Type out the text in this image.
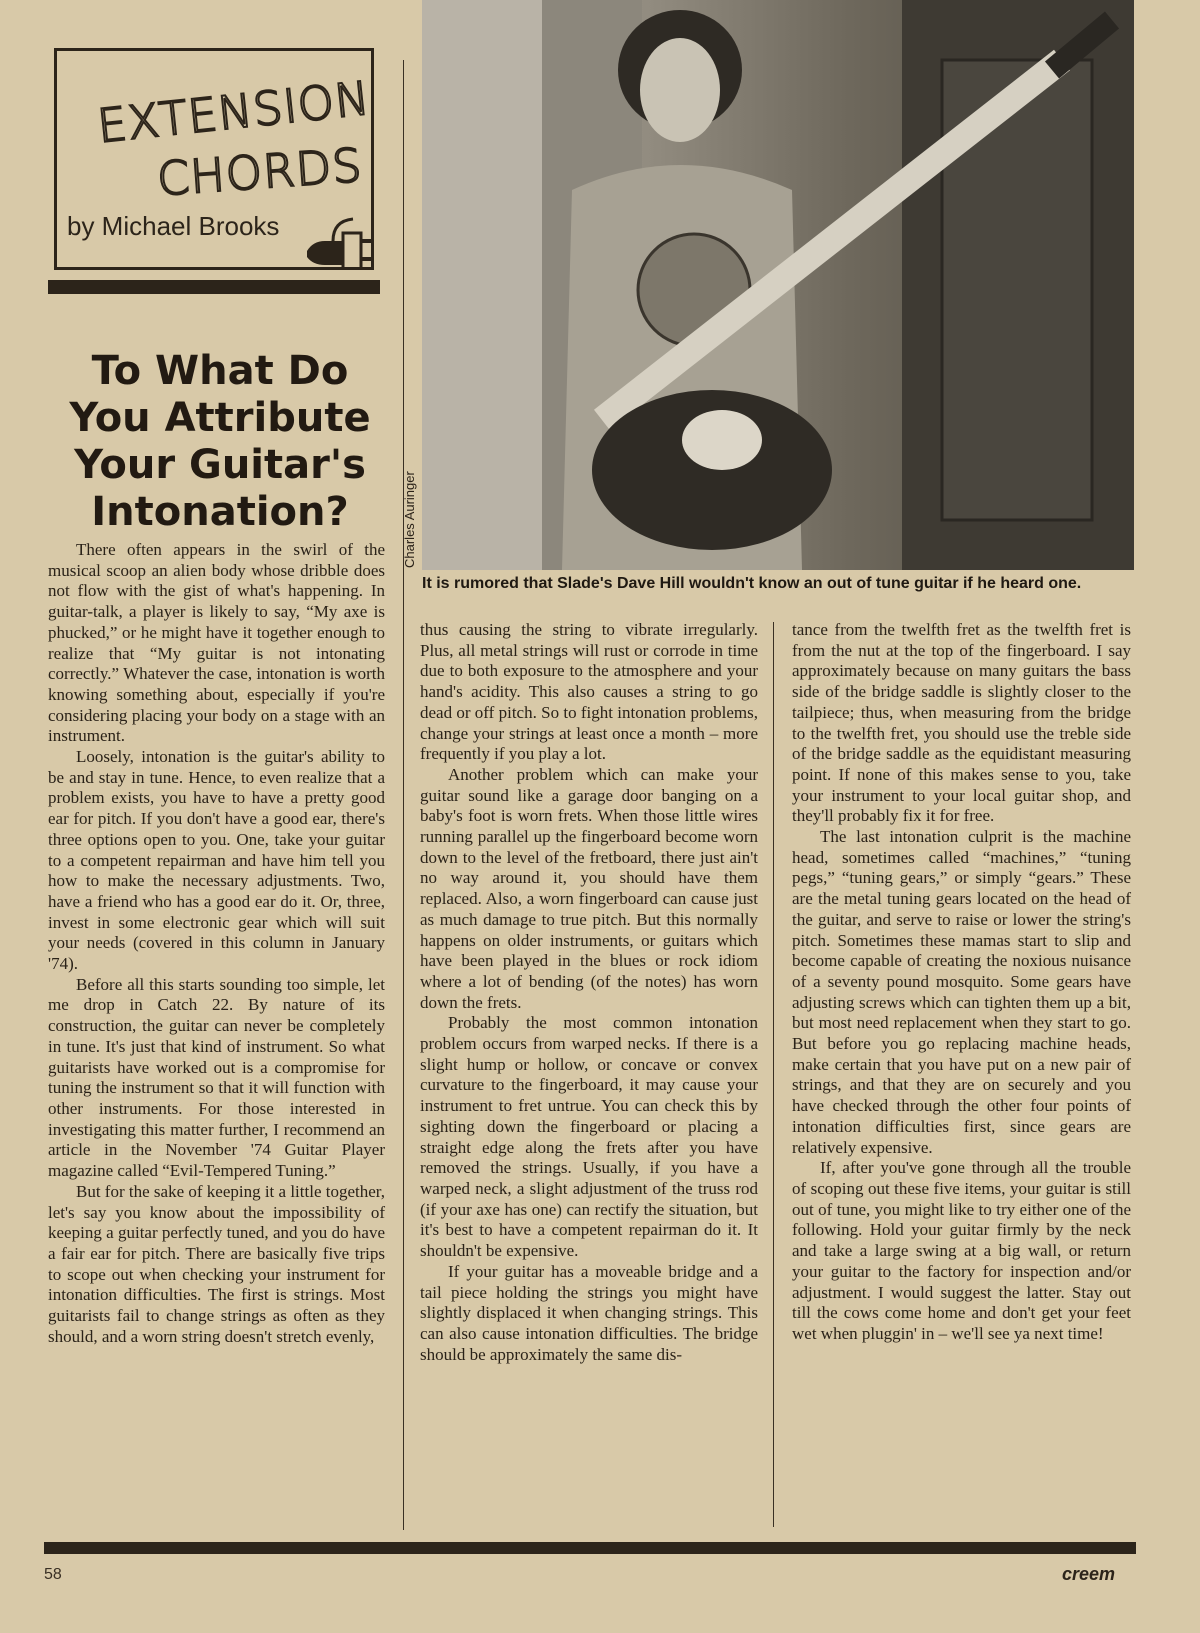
EXTENSION
CHORDS
by Michael Brooks
To What Do You Attribute Your Guitar's Intonation?	Charles Auringer
It is rumored that Slade's Dave Hill wouldn't know an out of tune guitar if he heard one.

There often appears in the swirl of the musical scoop an alien body whose dribble does not flow with the gist of what's happening. In guitar-talk, a player is likely to say, “My axe is phucked,” or he might have it together enough to realize that “My guitar is not intonating correctly.” Whatever the case, intonation is worth knowing something about, especially if you're considering placing your body on a stage with an instrument.

Loosely, intonation is the guitar's ability to be and stay in tune. Hence, to even realize that a problem exists, you have to have a pretty good ear for pitch. If you don't have a good ear, there's three options open to you. One, take your guitar to a competent repairman and have him tell you how to make the necessary adjustments. Two, have a friend who has a good ear do it. Or, three, invest in some electronic gear which will suit your needs (covered in this column in January '74).

Before all this starts sounding too simple, let me drop in Catch 22. By nature of its construction, the guitar can never be completely in tune. It's just that kind of instrument. So what guitarists have worked out is a compromise for tuning the instrument so that it will function with other instruments. For those interested in investigating this matter further, I recommend an article in the November '74 Guitar Player magazine called “Evil-Tempered Tuning.”

But for the sake of keeping it a little together, let's say you know about the impossibility of keeping a guitar perfectly tuned, and you do have a fair ear for pitch. There are basically five trips to scope out when checking your instrument for intonation difficulties. The first is strings. Most guitarists fail to change strings as often as they should, and a worn string doesn't stretch evenly,

thus causing the string to vibrate irregularly. Plus, all metal strings will rust or corrode in time due to both exposure to the atmosphere and your hand's acidity. This also causes a string to go dead or off pitch. So to fight intonation problems, change your strings at least once a month – more frequently if you play a lot.

Another problem which can make your guitar sound like a garage door banging on a baby's foot is worn frets. When those little wires running parallel up the fingerboard become worn down to the level of the fretboard, there just ain't no way around it, you should have them replaced. Also, a worn fingerboard can cause just as much damage to true pitch. But this normally happens on older instruments, or guitars which have been played in the blues or rock idiom where a lot of bending (of the notes) has worn down the frets.

Probably the most common intonation problem occurs from warped necks. If there is a slight hump or hollow, or concave or convex curvature to the fingerboard, it may cause your instrument to fret untrue. You can check this by sighting down the fingerboard or placing a straight edge along the frets after you have removed the strings. Usually, if you have a warped neck, a slight adjustment of the truss rod (if your axe has one) can rectify the situation, but it's best to have a competent repairman do it. It shouldn't be expensive.

If your guitar has a moveable bridge and a tail piece holding the strings you might have slightly displaced it when changing strings. This can also cause intonation difficulties. The bridge should be approximately the same dis-

tance from the twelfth fret as the twelfth fret is from the nut at the top of the fingerboard. I say approximately because on many guitars the bass side of the bridge saddle is slightly closer to the tailpiece; thus, when measuring from the bridge to the twelfth fret, you should use the treble side of the bridge saddle as the equidistant measuring point. If none of this makes sense to you, take your instrument to your local guitar shop, and they'll probably fix it for free.

The last intonation culprit is the machine head, sometimes called “machines,” “tuning pegs,” “tuning gears,” or simply “gears.” These are the metal tuning gears located on the head of the guitar, and serve to raise or lower the string's pitch. Sometimes these mamas start to slip and become capable of creating the noxious nuisance of a seventy pound mosquito. Some gears have adjusting screws which can tighten them up a bit, but most need replacement when they start to go. But before you go replacing machine heads, make certain that you have put on a new pair of strings, and that they are on securely and you have checked through the other four points of intonation difficulties first, since gears are relatively expensive.

If, after you've gone through all the trouble of scoping out these five items, your guitar is still out of tune, you might like to try either one of the following. Hold your guitar firmly by the neck and take a large swing at a big wall, or return your guitar to the factory for inspection and/or adjustment. I would suggest the latter. Stay out till the cows come home and don't get your feet wet when pluggin' in – we'll see ya next time!

58	creem
